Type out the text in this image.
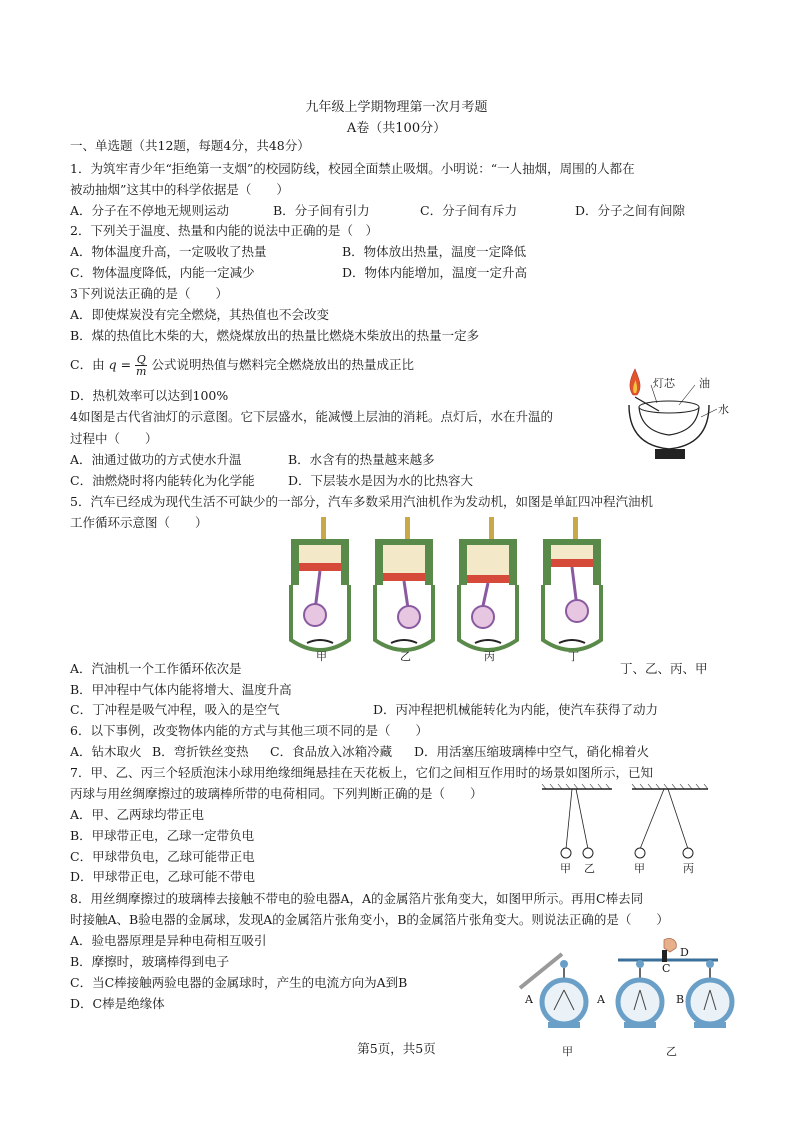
九年级上学期物理第一次月考题
A卷（共100分）
一、单选题（共12题，每题4分，共48分）
1．为筑牢青少年“拒绝第一支烟”的校园防线，校园全面禁止吸烟。小明说：“一人抽烟，周围的人都在
被动抽烟”这其中的科学依据是（　　）
A．分子在不停地无规则运动	B．分子间有引力	C．分子间有斥力	D．分子之间有间隙
2．下列关于温度、热量和内能的说法中正确的是（　）
A．物体温度升高，一定吸收了热量	B．物体放出热量，温度一定降低
C．物体温度降低，内能一定减少	D．物体内能增加，温度一定升高
3下列说法正确的是（　　）
A．即使煤炭没有完全燃烧，其热值也不会改变
B．煤的热值比木柴的大，燃烧煤放出的热量比燃烧木柴放出的热量一定多
C．由 $q = \frac{Q}{m}$ 公式说明热值与燃料完全燃烧放出的热量成正比
D．热机效率可以达到100%
4如图是古代省油灯的示意图。它下层盛水，能减慢上层油的消耗。点灯后，水在升温的
过程中（　　）
A．油通过做功的方式使水升温	B．水含有的热量越来越多
C．油燃烧时将内能转化为化学能	D．下层装水是因为水的比热容大
灯芯 油
水
5．汽车已经成为现代生活不可缺少的一部分，汽车多数采用汽油机作为发动机，如图是单缸四冲程汽油机
工作循环示意图（　　）
甲	乙	丙	丁
A．汽油机一个工作循环依次是	丁、乙、丙、甲
B．甲冲程中气体内能将增大、温度升高
C．丁冲程是吸气冲程，吸入的是空气	D．丙冲程把机械能转化为内能，使汽车获得了动力
6．以下事例，改变物体内能的方式与其他三项不同的是（　　）
A．钻木取火 B．弯折铁丝变热 C．食品放入冰箱冷藏 D．用活塞压缩玻璃棒中空气，硝化棉着火
7．甲、乙、丙三个轻质泡沫小球用绝缘细绳悬挂在天花板上，它们之间相互作用时的场景如图所示，已知
丙球与用丝绸摩擦过的玻璃棒所带的电荷相同。下列判断正确的是（　　）
A．甲、乙两球均带正电
B．甲球带正电，乙球一定带负电
C．甲球带负电，乙球可能带正电
D．甲球带正电，乙球可能不带电
甲 乙	甲	丙
8．用丝绸摩擦过的玻璃棒去接触不带电的验电器A，A的金属箔片张角变大，如图甲所示。再用C棒去同
时接触A、B验电器的金属球，发现A的金属箔片张角变小，B的金属箔片张角变大。则说法正确的是（　　）
A．验电器原理是异种电荷相互吸引
B．摩擦时，玻璃棒得到电子
C．当C棒接触两验电器的金属球时，产生的电流方向为A到B
D．C棒是绝缘体	A	A	B
C
D
甲	乙
第5页，共5页
